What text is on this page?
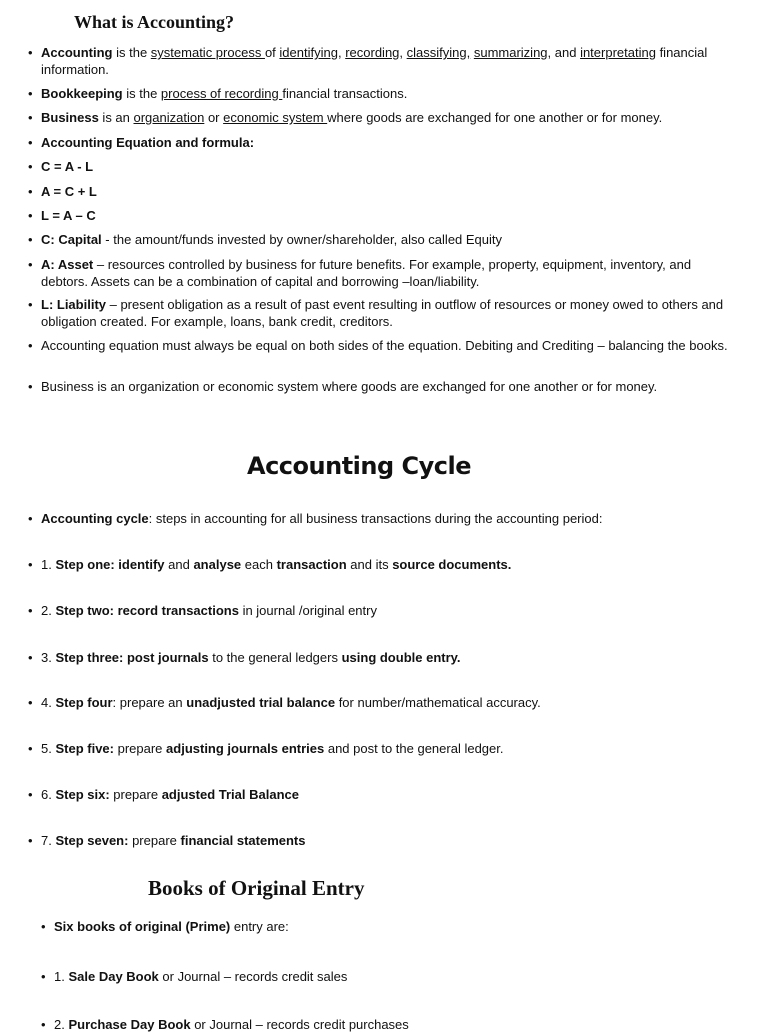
What is Accounting?
• Accounting is the systematic process of identifying, recording, classifying, summarizing, and interpretating financial information.
• Bookkeeping is the process of recording financial transactions.
• Business is an organization or economic system where goods are exchanged for one another or for money.
• Accounting Equation and formula:
• C = A - L
• A = C + L
• L = A – C
• C: Capital - the amount/funds invested by owner/shareholder, also called Equity
• A: Asset – resources controlled by business for future benefits. For example, property, equipment, inventory, and debtors. Assets can be a combination of capital and borrowing –loan/liability.
• L: Liability – present obligation as a result of past event resulting in outflow of resources or money owed to others and obligation created. For example, loans, bank credit, creditors.
• Accounting equation must always be equal on both sides of the equation. Debiting and Crediting – balancing the books.
• Business is an organization or economic system where goods are exchanged for one another or for money.
Accounting Cycle
• Accounting cycle: steps in accounting for all business transactions during the accounting period:
• 1. Step one: identify and analyse each transaction and its source documents.
• 2. Step two: record transactions in journal /original entry
• 3. Step three: post journals to the general ledgers using double entry.
• 4. Step four: prepare an unadjusted trial balance for number/mathematical accuracy.
• 5. Step five: prepare adjusting journals entries and post to the general ledger.
• 6. Step six: prepare adjusted Trial Balance
• 7. Step seven: prepare financial statements
Books of Original Entry
• Six books of original (Prime) entry are:
• 1. Sale Day Book or Journal – records credit sales
• 2. Purchase Day Book or Journal – records credit purchases
